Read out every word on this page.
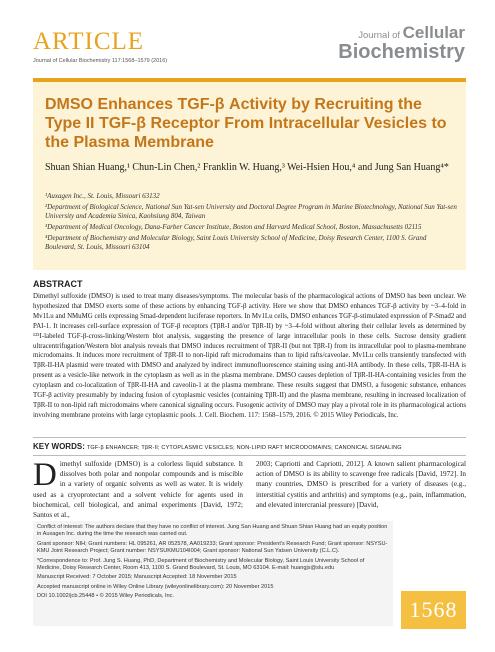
ARTICLE
Journal of Cellular Biochemistry 117:1568–1579 (2016)
Journal of Cellular
Biochemistry
DMSO Enhances TGF-β Activity by Recruiting the Type II TGF-β Receptor From Intracellular Vesicles to the Plasma Membrane
Shuan Shian Huang,¹ Chun-Lin Chen,² Franklin W. Huang,³ Wei-Hsien Hou,⁴ and Jung San Huang⁴*
¹Auxagen Inc., St. Louis, Missouri 63132
²Department of Biological Science, National Sun Yat-sen University and Doctoral Degree Program in Marine Biotechnology, National Sun Yat-sen University and Academia Sinica, Kaohsiung 804, Taiwan
³Department of Medical Oncology, Dana-Farber Cancer Institute, Boston and Harvard Medical School, Boston, Massachusetts 02115
⁴Department of Biochemistry and Molecular Biology, Saint Louis University School of Medicine, Doisy Research Center, 1100 S. Grand Boulevard, St. Louis, Missouri 63104
ABSTRACT

Dimethyl sulfoxide (DMSO) is used to treat many diseases/symptoms. The molecular basis of the pharmacological actions of DMSO has been unclear. We hypothesized that DMSO exerts some of these actions by enhancing TGF-β activity. Here we show that DMSO enhances TGF-β activity by ~3–4-fold in Mv1Lu and NMuMG cells expressing Smad-dependent luciferase reporters. In Mv1Lu cells, DMSO enhances TGF-β-stimulated expression of P-Smad2 and PAI-1. It increases cell-surface expression of TGF-β receptors (TβR-I and/or TβR-II) by ~3–4-fold without altering their cellular levels as determined by ¹²⁵I-labeled TGF-β-cross-linking/Western blot analysis, suggesting the presence of large intracellular pools in these cells. Sucrose density gradient ultracentrifugation/Western blot analysis reveals that DMSO induces recruitment of TβR-II (but not TβR-I) from its intracellular pool to plasma-membrane microdomains. It induces more recruitment of TβR-II to non-lipid raft microdomains than to lipid rafts/caveolae. Mv1Lu cells transiently transfected with TβR-II-HA plasmid were treated with DMSO and analyzed by indirect immunofluorescence staining using anti-HA antibody. In these cells, TβR-II-HA is present as a vesicle-like network in the cytoplasm as well as in the plasma membrane. DMSO causes depletion of TβR-II-HA-containing vesicles from the cytoplasm and co-localization of TβR-II-HA and caveolin-1 at the plasma membrane. These results suggest that DMSO, a fusogenic substance, enhances TGF-β activity presumably by inducing fusion of cytoplasmic vesicles (containing TβR-II) and the plasma membrane, resulting in increased localization of TβR-II to non-lipid raft microdomains where canonical signaling occurs. Fusogenic activity of DMSO may play a pivotal role in its pharmacological actions involving membrane proteins with large cytoplasmic pools. J. Cell. Biochem. 117: 1568–1579, 2016. © 2015 Wiley Periodicals, Inc.

KEY WORDS: TGF-β ENHANCER; TβR-II; CYTOPLASMIC VESICLES; NON-LIPID RAFT MICRODOMAINS; CANONICAL SIGNALING
Dimethyl sulfoxide (DMSO) is a colorless liquid substance. It dissolves both polar and nonpolar compounds and is miscible in a variety of organic solvents as well as water. It is widely used as a cryoprotectant and a solvent vehicle for agents used in biochemical, cell biological, and animal experiments [David, 1972; Santos et al.,
2003; Capriotti and Capriotti, 2012]. A known salient pharmacological action of DMSO is its ability to scavenge free radicals [David, 1972]. In many countries, DMSO is prescribed for a variety of diseases (e.g., interstitial cystitis and arthritis) and symptoms (e.g., pain, inflammation, and elevated intercranial pressure) [David,
Conflict of interest: The authors declare that they have no conflict of interest. Jung San Huang and Shuan Shian Huang had an equity position in Auxagen Inc. during the time the research was carried out.
Grant sponsor: NIH; Grant numbers: HL 095261, AR 052578, AA019233; Grant sponsor: President's Research Fund; Grant sponsor: NSYSU-KMU Joint Research Project; Grant number: NSYSUKMU104I004; Grant sponsor: National Sun Yatsen University (C.L.C).
*Correspondence to: Prof. Jung S. Huang, PhD, Department of Biochemistry and Molecular Biology, Saint Louis University School of Medicine, Doisy Research Center, Room 413, 1100 S. Grand Boulevard, St. Louis, MO 63104. E-mail: huangjs@slu.edu
Manuscript Received: 7 October 2015; Manuscript Accepted: 18 November 2015
Accepted manuscript online in Wiley Online Library (wileyonlinelibrary.com): 20 November 2015
DOI 10.1002/jcb.25448 • © 2015 Wiley Periodicals, Inc.
1568
